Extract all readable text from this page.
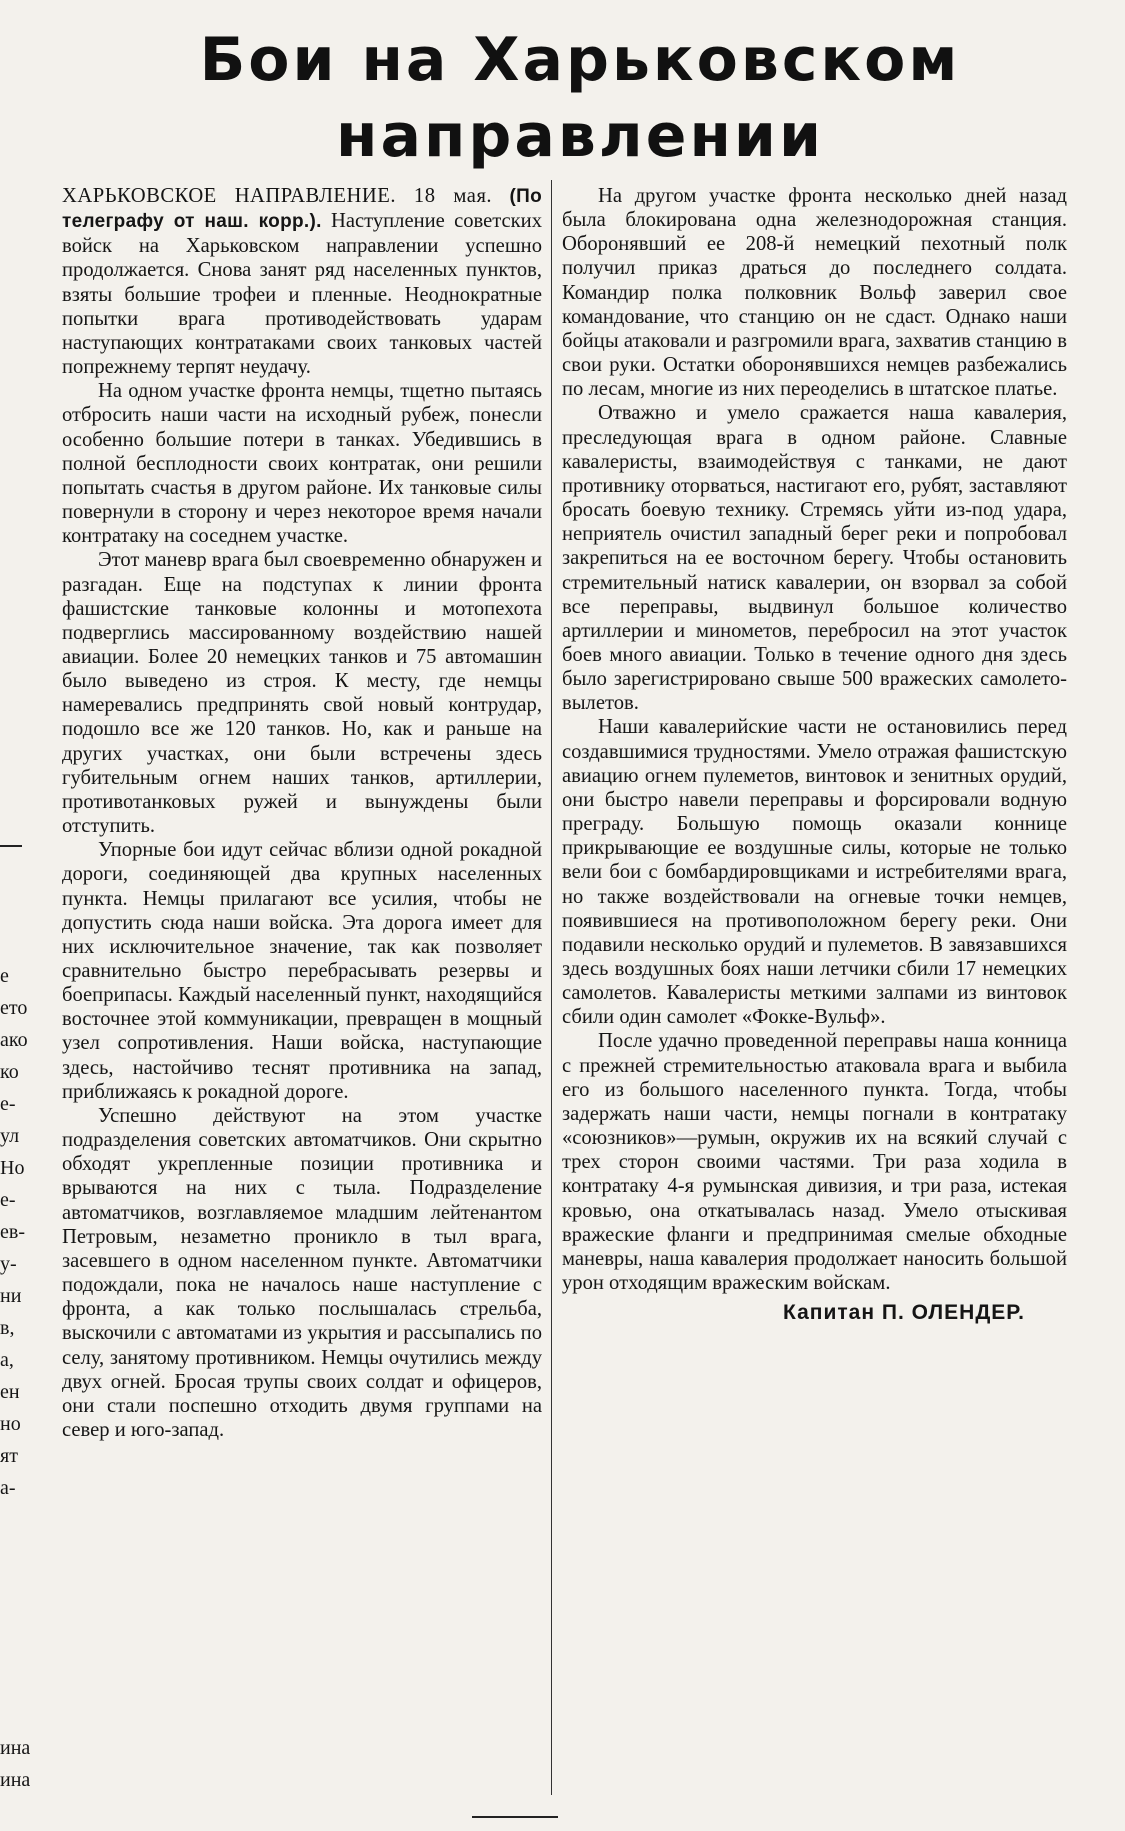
е
ето
ако
ко
е-
ул
Но
е-
ев-
у-
ни
в,
а,
ен
но
ят
а-
ина
ина
Бои на Харьковском
направлении

ХАРЬКОВСКОЕ НАПРАВЛЕНИЕ. 18 мая. (По телеграфу от наш. корр.). Наступление советских войск на Харьковском направлении успешно продолжается. Снова занят ряд населенных пунктов, взяты большие трофеи и пленные. Неоднократные попытки врага противодействовать ударам наступающих контратаками своих танковых частей попрежнему терпят неудачу.

На одном участке фронта немцы, тщетно пытаясь отбросить наши части на исходный рубеж, понесли особенно большие потери в танках. Убедившись в полной бесплодности своих контратак, они решили попытать счастья в другом районе. Их танковые силы повернули в сторону и через некоторое время начали контратаку на соседнем участке.

Этот маневр врага был своевременно обнаружен и разгадан. Еще на подступах к линии фронта фашистские танковые колонны и мотопехота подверглись массированному воздействию нашей авиации. Более 20 немецких танков и 75 автомашин было выведено из строя. К месту, где немцы намеревались предпринять свой новый контрудар, подошло все же 120 танков. Но, как и раньше на других участках, они были встречены здесь губительным огнем наших танков, артиллерии, противотанковых ружей и вынуждены были отступить.

Упорные бои идут сейчас вблизи одной рокадной дороги, соединяющей два крупных населенных пункта. Немцы прилагают все усилия, чтобы не допустить сюда наши войска. Эта дорога имеет для них исключительное значение, так как позволяет сравнительно быстро перебрасывать резервы и боеприпасы. Каждый населенный пункт, находящийся восточнее этой коммуникации, превращен в мощный узел сопротивления. Наши войска, наступающие здесь, настойчиво теснят противника на запад, приближаясь к рокадной дороге.

Успешно действуют на этом участке подразделения советских автоматчиков. Они скрытно обходят укрепленные позиции противника и врываются на них с тыла. Подразделение автоматчиков, возглавляемое младшим лейтенантом Петровым, незаметно проникло в тыл врага, засевшего в одном населенном пункте. Автоматчики подождали, пока не началось наше наступление с фронта, а как только послышалась стрельба, выскочили с автоматами из укрытия и рассыпались по селу, занятому противником. Немцы очутились между двух огней. Бросая трупы своих солдат и офицеров, они стали поспешно отходить двумя группами на север и юго-запад.

На другом участке фронта несколько дней назад была блокирована одна железнодорожная станция. Оборонявший ее 208-й немецкий пехотный полк получил приказ драться до последнего солдата. Командир полка полковник Вольф заверил свое командование, что станцию он не сдаст. Однако наши бойцы атаковали и разгромили врага, захватив станцию в свои руки. Остатки оборонявшихся немцев разбежались по лесам, многие из них переоделись в штатское платье.

Отважно и умело сражается наша кавалерия, преследующая врага в одном районе. Славные кавалеристы, взаимодействуя с танками, не дают противнику оторваться, настигают его, рубят, заставляют бросать боевую технику. Стремясь уйти из-под удара, неприятель очистил западный берег реки и попробовал закрепиться на ее восточном берегу. Чтобы остановить стремительный натиск кавалерии, он взорвал за собой все переправы, выдвинул большое количество артиллерии и минометов, перебросил на этот участок боев много авиации. Только в течение одного дня здесь было зарегистрировано свыше 500 вражеских самолето-вылетов.

Наши кавалерийские части не остановились перед создавшимися трудностями. Умело отражая фашистскую авиацию огнем пулеметов, винтовок и зенитных орудий, они быстро навели переправы и форсировали водную преграду. Большую помощь оказали коннице прикрывающие ее воздушные силы, которые не только вели бои с бомбардировщиками и истребителями врага, но также воздействовали на огневые точки немцев, появившиеся на противоположном берегу реки. Они подавили несколько орудий и пулеметов. В завязавшихся здесь воздушных боях наши летчики сбили 17 немецких самолетов. Кавалеристы меткими залпами из винтовок сбили один самолет «Фокке-Вульф».

После удачно проведенной переправы наша конница с прежней стремительностью атаковала врага и выбила его из большого населенного пункта. Тогда, чтобы задержать наши части, немцы погнали в контратаку «союзников»—румын, окружив их на всякий случай с трех сторон своими частями. Три раза ходила в контратаку 4-я румынская дивизия, и три раза, истекая кровью, она откатывалась назад. Умело отыскивая вражеские фланги и предпринимая смелые обходные маневры, наша кавалерия продолжает наносить большой урон отходящим вражеским войскам.

Капитан П. ОЛЕНДЕР.
